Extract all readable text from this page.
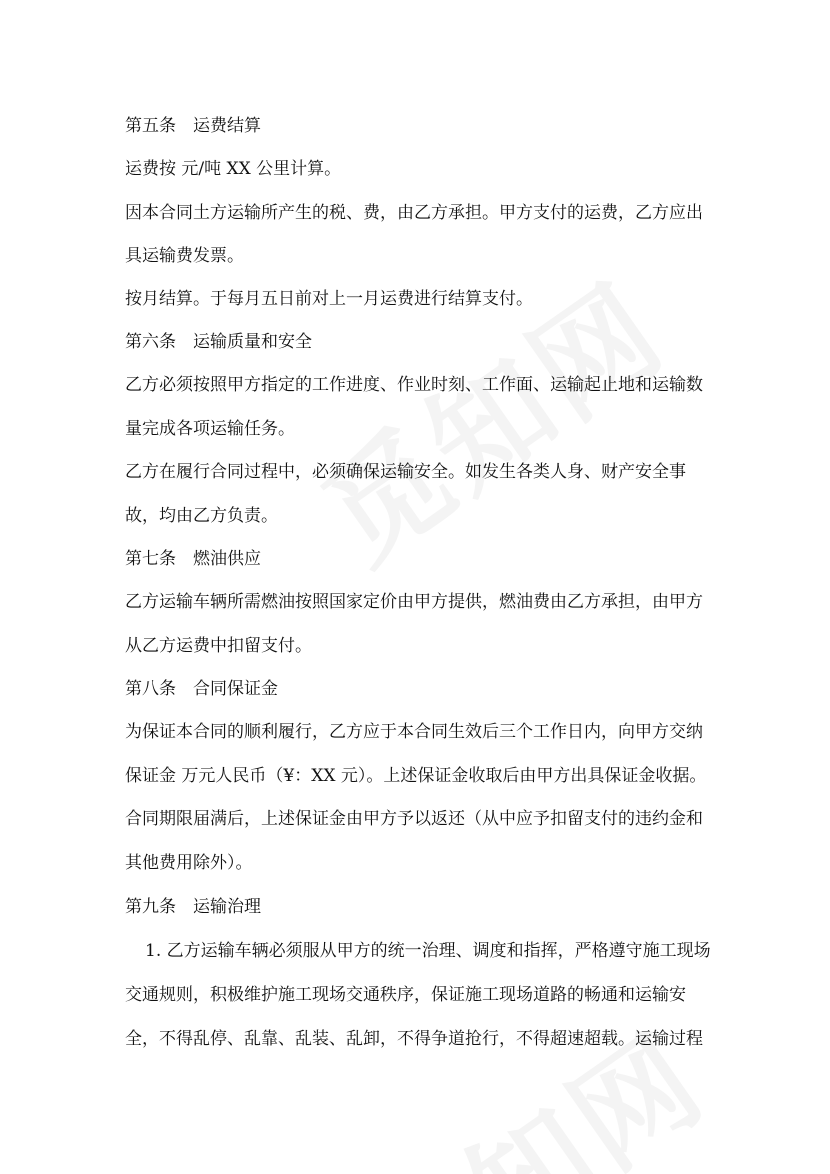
第五条 运费结算
运费按 元/吨 XX 公里计算。
因本合同土方运输所产生的税、费，由乙方承担。甲方支付的运费，乙方应出
具运输费发票。
按月结算。于每月五日前对上一月运费进行结算支付。
第六条 运输质量和安全
乙方必须按照甲方指定的工作进度、作业时刻、工作面、运输起止地和运输数
量完成各项运输任务。
乙方在履行合同过程中，必须确保运输安全。如发生各类人身、财产安全事
故，均由乙方负责。
第七条 燃油供应
乙方运输车辆所需燃油按照国家定价由甲方提供，燃油费由乙方承担，由甲方
从乙方运费中扣留支付。
第八条 合同保证金
为保证本合同的顺利履行，乙方应于本合同生效后三个工作日内，向甲方交纳
保证金 万元人民币（¥：XX 元）。上述保证金收取后由甲方出具保证金收据。
合同期限届满后，上述保证金由甲方予以返还（从中应予扣留支付的违约金和
其他费用除外）。
第九条 运输治理
1. 乙方运输车辆必须服从甲方的统一治理、调度和指挥，严格遵守施工现场
交通规则，积极维护施工现场交通秩序，保证施工现场道路的畅通和运输安
全，不得乱停、乱靠、乱装、乱卸，不得争道抢行，不得超速超载。运输过程
